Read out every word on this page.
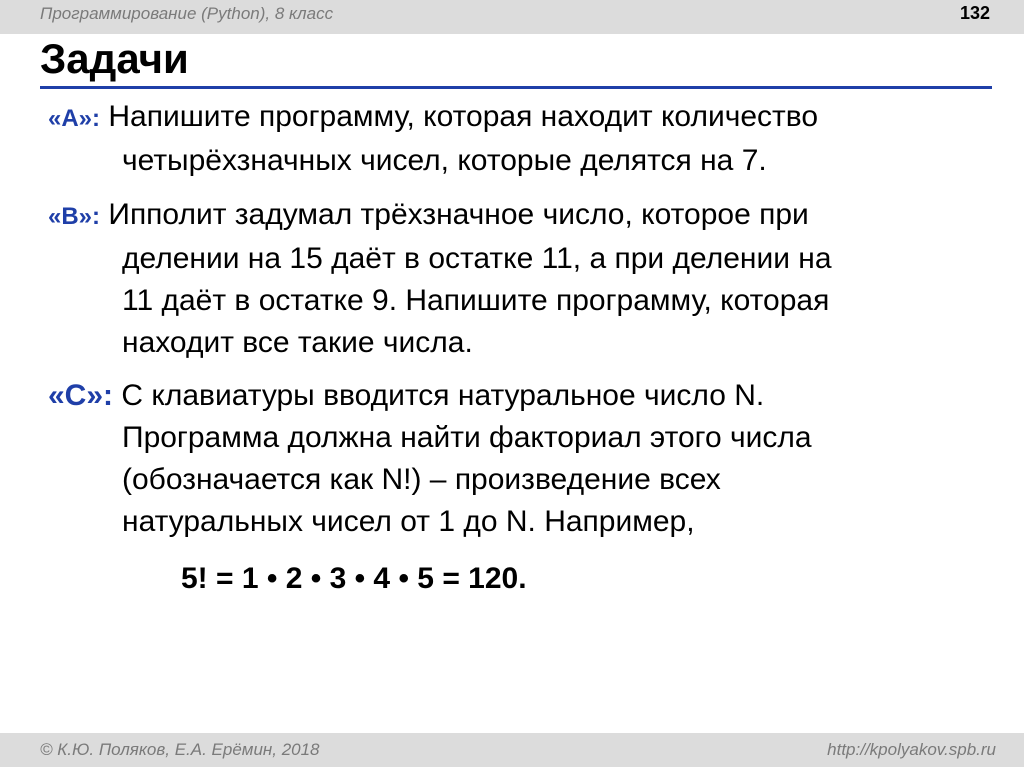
Программирование (Python), 8 класс	132
Задачи
«A»: Напишите программу, которая находит количество
четырёхзначных чисел, которые делятся на 7.
«B»: Ипполит задумал трёхзначное число, которое при
делении на 15 даёт в остатке 11, а при делении на
11 даёт в остатке 9. Напишите программу, которая
находит все такие числа.
«C»: С клавиатуры вводится натуральное число N.
Программа должна найти факториал этого числа
(обозначается как N!) – произведение всех
натуральных чисел от 1 до N. Например,
5! = 1 • 2 • 3 • 4 • 5 = 120.
© К.Ю. Поляков, Е.А. Ерёмин, 2018	http://kpolyakov.spb.ru
